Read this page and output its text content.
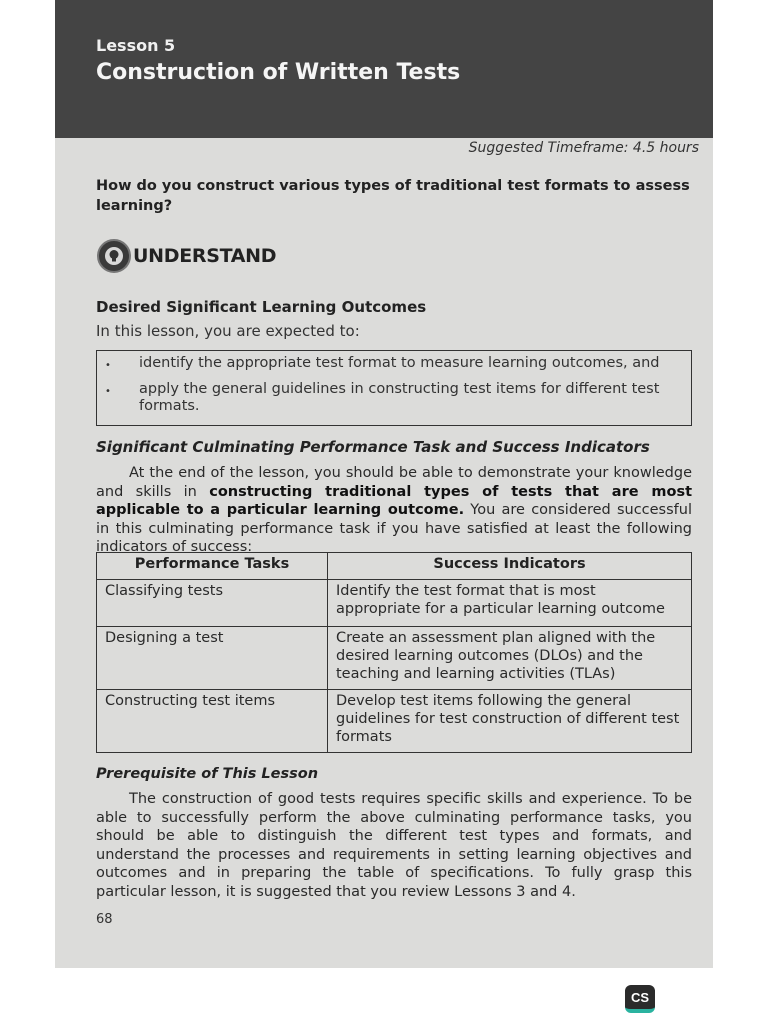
Lesson 5
Construction of Written Tests
Suggested Timeframe: 4.5 hours
How do you construct various types of traditional test formats to assess learning?
UNDERSTAND
Desired Significant Learning Outcomes
In this lesson, you are expected to:
•	identify the appropriate test format to measure learning outcomes, and
•	apply the general guidelines in constructing test items for different test formats.
Significant Culminating Performance Task and Success Indicators
At the end of the lesson, you should be able to demonstrate your knowledge and skills in constructing traditional types of tests that are most applicable to a particular learning outcome. You are considered successful in this culminating performance task if you have satisfied at least the following indicators of success:
Performance Tasks	Success Indicators
Classifying tests	Identify the test format that is most appropriate for a particular learning outcome
Designing a test	Create an assessment plan aligned with the desired learning outcomes (DLOs) and the teaching and learning activities (TLAs)
Constructing test items	Develop test items following the general guidelines for test construction of different test formats
Prerequisite of This Lesson
The construction of good tests requires specific skills and experience. To be able to successfully perform the above culminating performance tasks, you should be able to distinguish the different test types and formats, and understand the processes and requirements in setting learning objectives and outcomes and in preparing the table of specifications. To fully grasp this particular lesson, it is suggested that you review Lessons 3 and 4.
68
CS
